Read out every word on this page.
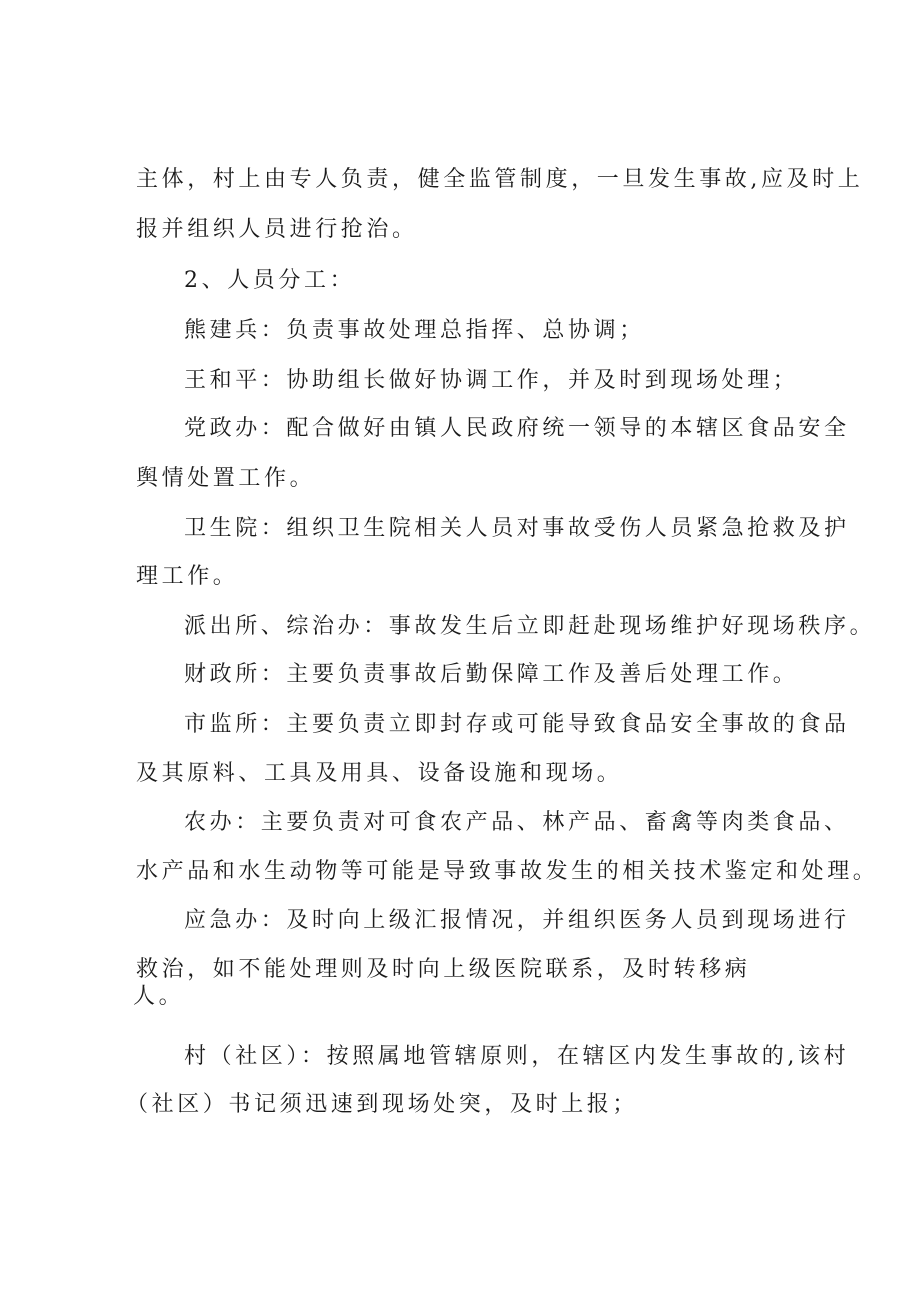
主体，村上由专人负责，健全监管制度，一旦发生事故,应及时上
报并组织人员进行抢治。
2、人员分工：
熊建兵：负责事故处理总指挥、总协调；
王和平：协助组长做好协调工作，并及时到现场处理；
党政办：配合做好由镇人民政府统一领导的本辖区食品安全
舆情处置工作。
卫生院：组织卫生院相关人员对事故受伤人员紧急抢救及护
理工作。
派出所、综治办：事故发生后立即赶赴现场维护好现场秩序。
财政所：主要负责事故后勤保障工作及善后处理工作。
市监所：主要负责立即封存或可能导致食品安全事故的食品
及其原料、工具及用具、设备设施和现场。
农办：主要负责对可食农产品、林产品、畜禽等肉类食品、
水产品和水生动物等可能是导致事故发生的相关技术鉴定和处理。
应急办：及时向上级汇报情况，并组织医务人员到现场进行
救治，如不能处理则及时向上级医院联系，及时转移病
人。
村（社区）：按照属地管辖原则，在辖区内发生事故的,该村
（社区）书记须迅速到现场处突，及时上报；
